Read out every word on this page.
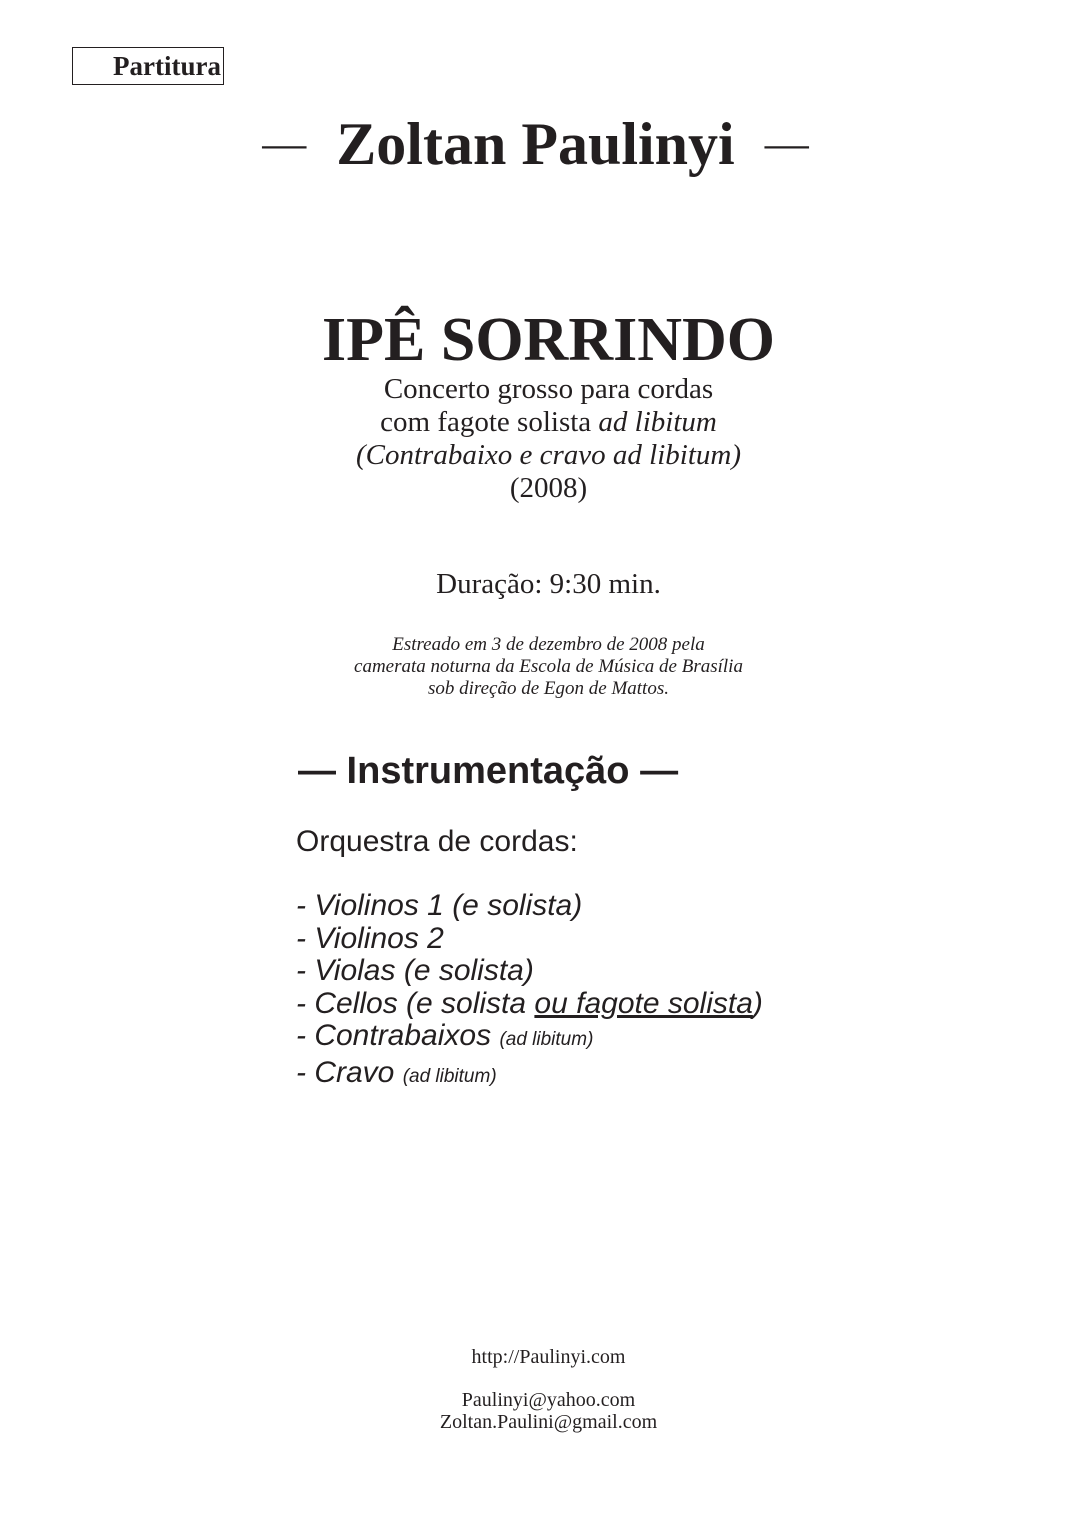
Partitura
— Zoltan Paulinyi —
IPÊ SORRINDO
Concerto grosso para cordas
com fagote solista ad libitum
(Contrabaixo e cravo ad libitum)
(2008)
Duração: 9:30 min.
Estreado em 3 de dezembro de 2008 pela
camerata noturna da Escola de Música de Brasília
sob direção de Egon de Mattos.
— Instrumentação —
Orquestra de cordas:
- Violinos 1 (e solista)
- Violinos 2
- Violas (e solista)
- Cellos (e solista ou fagote solista)
- Contrabaixos (ad libitum)
- Cravo (ad libitum)
http://Paulinyi.com
Paulinyi@yahoo.com
Zoltan.Paulini@gmail.com
